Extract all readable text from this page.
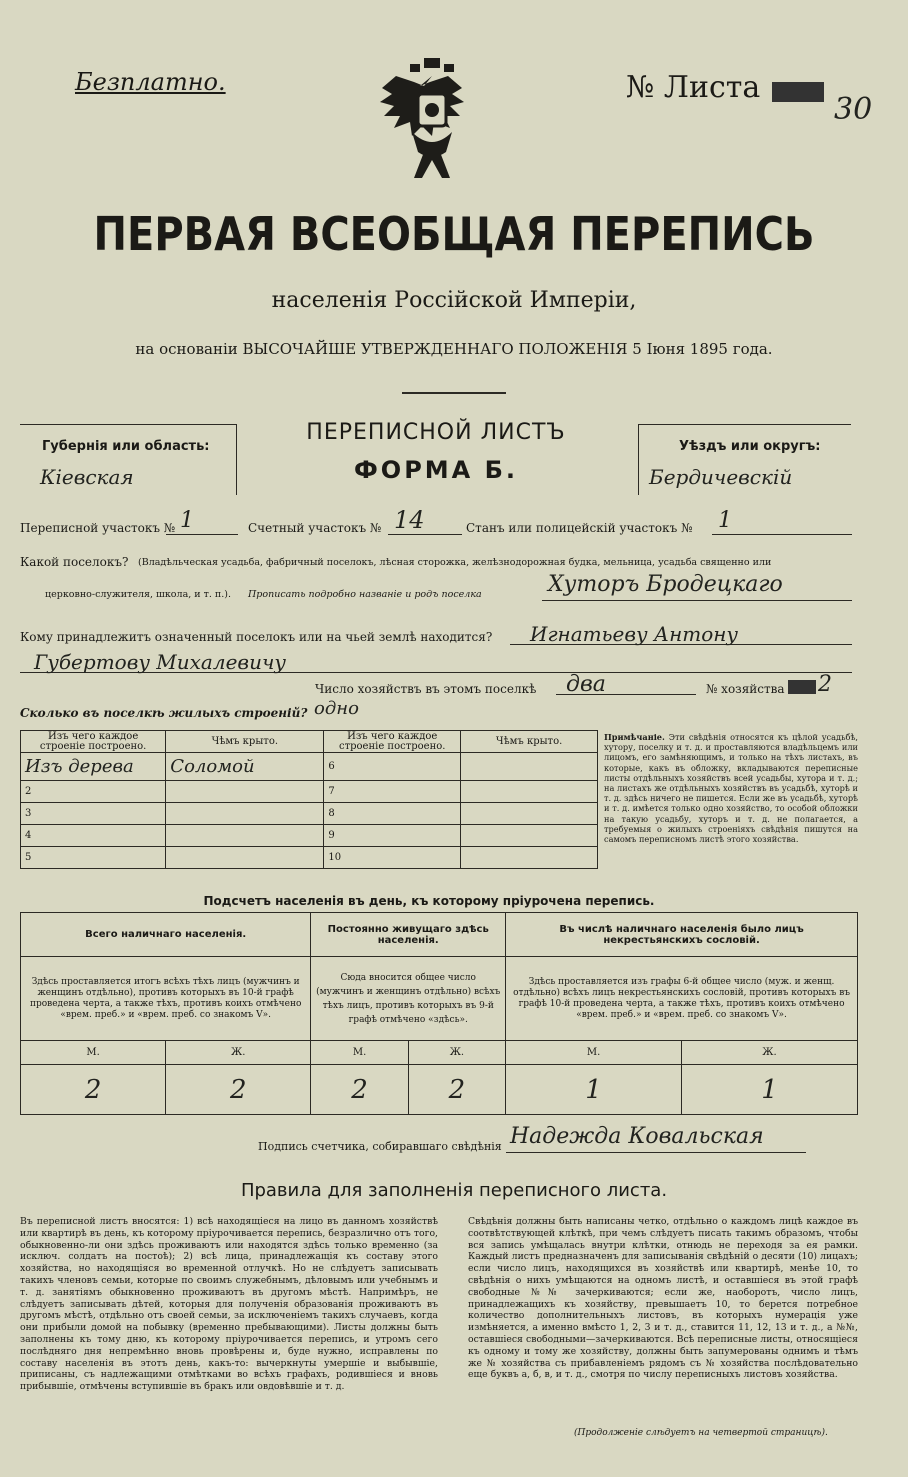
Безплатно.	№ Листа
30
ПЕРВАЯ ВСЕОБЩАЯ ПЕРЕПИСЬ
населенія Россійской Имперіи,
на основаніи ВЫСОЧАЙШЕ УТВЕРЖДЕННАГО ПОЛОЖЕНІЯ 5 Іюня 1895 года.
Губернія или область:
Кіевская
ПЕРЕПИСНОЙ ЛИСТЪ
ФОРМА Б.
Уѣздъ или округъ:
Бердичевскій
Переписной участокъ № 1	Счетный участокъ № 14	Станъ или полицейскій участокъ № 1
Какой поселокъ? (Владѣльческая усадьба, фабричный поселокъ, лѣсная сторожка, желѣзнодорожная будка, мельница, усадьба священно или
церковно-служителя, школа, и т. п.). Прописать подробно названіе и родъ поселка	Хуторъ Бродецкаго
Кому принадлежитъ означенный поселокъ или на чьей землѣ находится? Игнатьеву Антону
Губертову Михалевичу
Число хозяйствъ въ этомъ поселкѣ два	№ хозяйства 2
Сколько въ поселкѣ жилыхъ строеній? одно
Изъ чего каждое строеніе построено.	Чѣмъ крыто.	Изъ чего каждое строеніе построено.	Чѣмъ крыто.
Изъ дерева	Соломой	6	
2		7	
3		8	
4		9	
5		10	
Примѣчаніе. Эти свѣдѣнія относятся къ цѣлой усадьбѣ, хутору, поселку и т. д. и проставляются владѣльцемъ или лицомъ, его замѣняющимъ, и только на тѣхъ листахъ, въ которые, какъ въ обложку, вкладываются переписные листы отдѣльныхъ хозяйствъ всей усадьбы, хутора и т. д.; на листахъ же отдѣльныхъ хозяйствъ въ усадьбѣ, хуторѣ и т. д. здѣсь ничего не пишется. Если же въ усадьбѣ, хуторѣ и т. д. имѣется только одно хозяйство, то особой обложки на такую усадьбу, хуторъ и т. д. не полагается, а требуемыя о жилыхъ строеніяхъ свѣдѣнія пишутся на самомъ переписномъ листѣ этого хозяйства.
Подсчетъ населенія въ день, къ которому пріурочена перепись.
Всего наличнаго населенія.		Постоянно живущаго здѣсь населенія.		Въ числѣ наличнаго населенія было лицъ некрестьянскихъ сословій.	
Здѣсь проставляется итогъ всѣхъ тѣхъ лицъ (мужчинъ и женщинъ отдѣльно), противъ которыхъ въ 10-й графѣ проведена черта, а также тѣхъ, противъ коихъ отмѣчено «врем. преб.» и «врем. преб. со знакомъ V».		Сюда вносится общее число (мужчинъ и женщинъ отдѣльно) всѣхъ тѣхъ лицъ, противъ которыхъ въ 9-й графѣ отмѣчено «здѣсь».		Здѣсь проставляется изъ графы 6-й общее число (муж. и женщ. отдѣльно) всѣхъ лицъ некрестьянскихъ сословій, противъ которыхъ въ графѣ 10-й проведена черта, а также тѣхъ, противъ коихъ отмѣчено «врем. преб.» и «врем. преб. со знакомъ V».	
М.	Ж.	М.	Ж.	М.	Ж.
2	2	2	2	1	1
Подпись счетчика, собиравшаго свѣдѣнія Надежда Ковальская
Правила для заполненія переписного листа.
Въ переписной листъ вносятся: 1) всѣ находящіеся на лицо въ данномъ хозяйствѣ или квартирѣ въ день, къ которому пріурочивается перепись, безразлично отъ того, обыкновенно-ли они здѣсь проживаютъ или находятся здѣсь только временно (за исключ. солдатъ на постоѣ); 2) всѣ лица, принадлежащія къ составу этого хозяйства, но находящіяся во временной отлучкѣ. Но не слѣдуетъ записывать такихъ членовъ семьи, которые по своимъ служебнымъ, дѣловымъ или учебнымъ и т. д. занятіямъ обыкновенно проживаютъ въ другомъ мѣстѣ. Напримѣръ, не слѣдуетъ записывать дѣтей, которыя для полученія образованія проживаютъ въ другомъ мѣстѣ, отдѣльно отъ своей семьи, за исключеніемъ такихъ случаевъ, когда они прибыли домой на побывку (временно пребывающими). Листы должны быть заполнены къ тому дню, къ которому пріурочивается перепись, и утромъ сего послѣдняго дня непремѣнно вновь провѣрены и, буде нужно, исправлены по составу населенія въ этотъ день, какъ-то: вычеркнуты умершіе и выбывшіе, приписаны, съ надлежащими отмѣтками во всѣхъ графахъ, родившіеся и вновь прибывшіе, отмѣчены вступившіе въ бракъ или овдовѣвшіе и т. д.
Свѣдѣнія должны быть написаны четко, отдѣльно о каждомъ лицѣ каждое въ соотвѣтствующей клѣткѣ, при чемъ слѣдуетъ писать такимъ образомъ, чтобы вся запись умѣщалась внутри клѣтки, отнюдь не переходя за ея рамки. Каждый листъ предназначенъ для записыванія свѣдѣній о десяти (10) лицахъ; если число лицъ, находящихся въ хозяйствѣ или квартирѣ, менѣе 10, то свѣдѣнія о нихъ умѣщаются на одномъ листѣ, и оставшіеся въ этой графѣ свободные №№ зачеркиваются; если же, наоборотъ, число лицъ, принадлежащихъ къ хозяйству, превышаетъ 10, то берется потребное количество дополнительныхъ листовъ, въ которыхъ нумерація уже измѣняется, а именно вмѣсто 1, 2, 3 и т. д., ставится 11, 12, 13 и т. д., а №№, оставшіеся свободными—зачеркиваются. Всѣ переписные листы, относящіеся къ одному и тому же хозяйству, должны быть запумерованы однимъ и тѣмъ же № хозяйства съ прибавленіемъ рядомъ съ № хозяйства послѣдовательно еще буквъ а, б, в, и т. д., смотря по числу переписныхъ листовъ хозяйства.
(Продолженіе слѣдуетъ на четвертой страницѣ).
